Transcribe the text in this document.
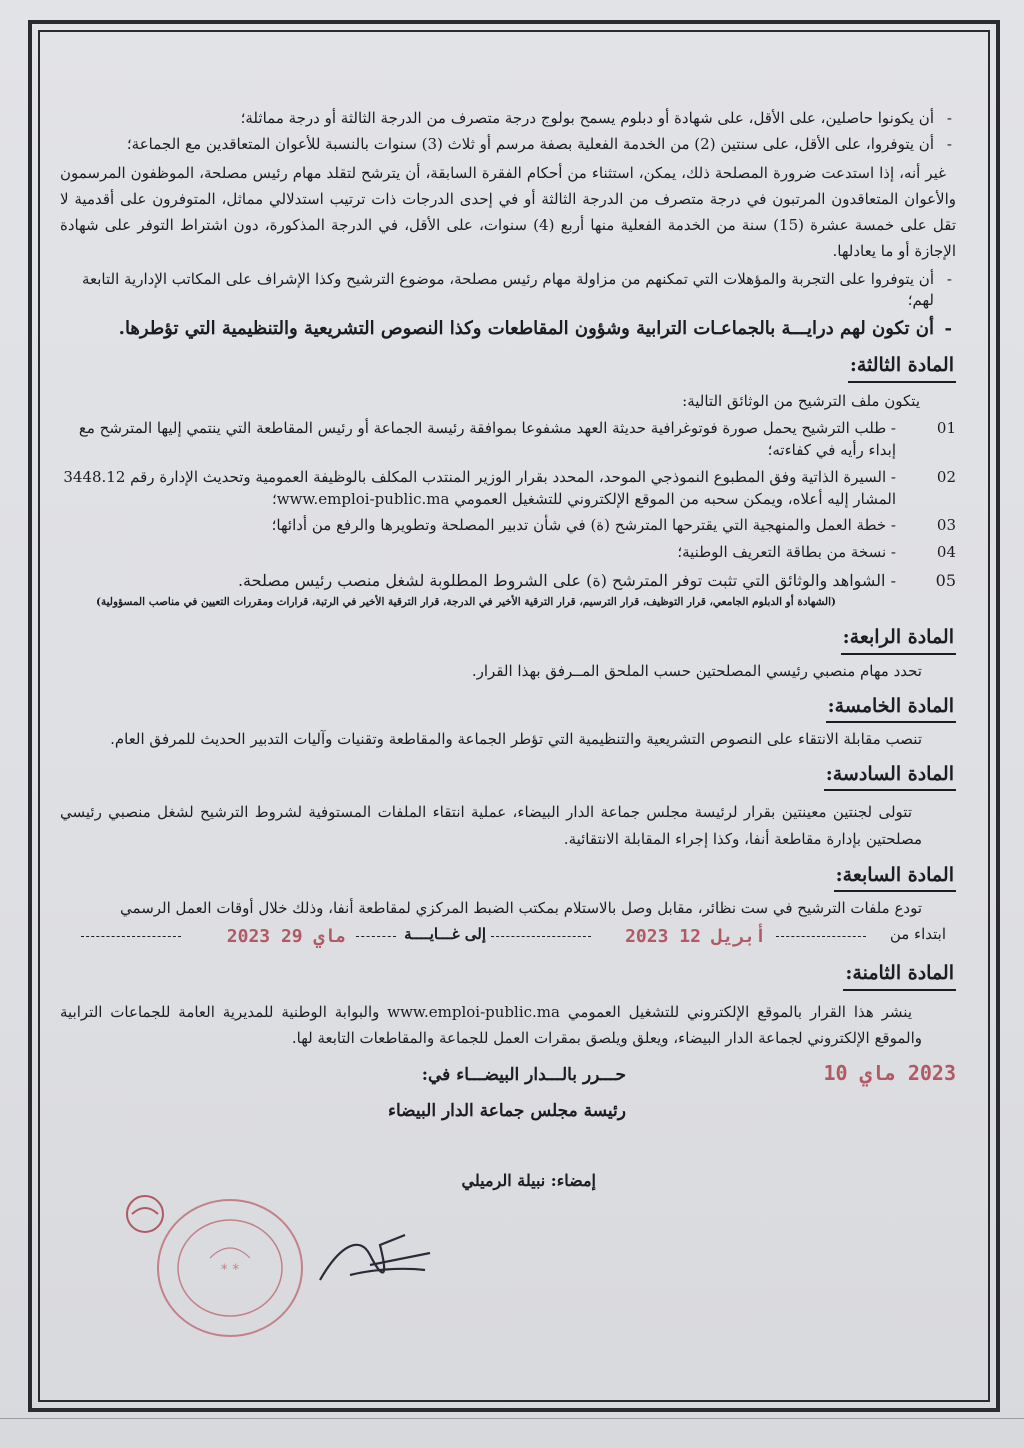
- أن يكونوا حاصلين، على الأقل، على شهادة أو دبلوم يسمح بولوج درجة متصرف من الدرجة الثالثة أو درجة مماثلة؛
- أن يتوفروا، على الأقل، على سنتين (2) من الخدمة الفعلية بصفة مرسم أو ثلاث (3) سنوات بالنسبة للأعوان المتعاقدين مع الجماعة؛
غير أنه، إذا استدعت ضرورة المصلحة ذلك، يمكن، استثناء من أحكام الفقرة السابقة، أن يترشح لتقلد مهام رئيس مصلحة، الموظفون المرسمون والأعوان المتعاقدون المرتبون في درجة متصرف من الدرجة الثالثة أو في إحدى الدرجات ذات ترتيب استدلالي مماثل، المتوفرون على أقدمية لا تقل على خمسة عشرة (15) سنة من الخدمة الفعلية منها أربع (4) سنوات، على الأقل، في الدرجة المذكورة، دون اشتراط التوفر على شهادة الإجازة أو ما يعادلها.
- أن يتوفروا على التجربة والمؤهلات التي تمكنهم من مزاولة مهام رئيس مصلحة، موضوع الترشيح وكذا الإشراف على المكاتب الإدارية التابعة لهم؛
- أن تكون لهم درايـــة بالجماعـات الترابية وشؤون المقاطعات وكذا النصوص التشريعية والتنظيمية التي تؤطرها.
المادة الثالثة:
يتكون ملف الترشيح من الوثائق التالية:
01
- طلب الترشيح يحمل صورة فوتوغرافية حديثة العهد مشفوعا بموافقة رئيسة الجماعة أو رئيس المقاطعة التي ينتمي إليها المترشح مع إبداء رأيه في كفاءته؛
02
- السيرة الذاتية وفق المطبوع النموذجي الموحد، المحدد بقرار الوزير المنتدب المكلف بالوظيفة العمومية وتحديث الإدارة رقم 3448.12 المشار إليه أعلاه، ويمكن سحبه من الموقع الإلكتروني للتشغيل العمومي www.emploi-public.ma؛
03
- خطة العمل والمنهجية التي يقترحها المترشح (ة) في شأن تدبير المصلحة وتطويرها والرفع من أدائها؛
04
- نسخة من بطاقة التعريف الوطنية؛
05
- الشواهد والوثائق التي تثبت توفر المترشح (ة) على الشروط المطلوبة لشغل منصب رئيس مصلحة.
(الشهادة أو الدبلوم الجامعي، قرار التوظيف، قرار الترسيم، قرار الترقية الأخير في الدرجة، قرار الترقية الأخير في الرتبة، قرارات ومقررات التعيين في مناصب المسؤولية)
المادة الرابعة:
تحدد مهام منصبي رئيسي المصلحتين حسب الملحق المــرفق بهذا القرار.
المادة الخامسة:
تنصب مقابلة الانتقاء على النصوص التشريعية والتنظيمية التي تؤطر الجماعة والمقاطعة وتقنيات وآليات التدبير الحديث للمرفق العام.
المادة السادسة:
تتولى لجنتين معينتين بقرار لرئيسة مجلس جماعة الدار البيضاء، عملية انتقاء الملفات المستوفية لشروط الترشيح لشغل منصبي رئيسي مصلحتين بإدارة مقاطعة أنفا، وكذا إجراء المقابلة الانتقائية.
المادة السابعة:
تودع ملفات الترشيح في ست نظائر، مقابل وصل بالاستلام بمكتب الضبط المركزي لمقاطعة أنفا، وذلك خلال أوقات العمل الرسمي
ابتداء من
2023 أبريل 12
إلى غـــايــــة
2023 ماي 29
المادة الثامنة:
ينشر هذا القرار بالموقع الإلكتروني للتشغيل العمومي www.emploi-public.ma والبوابة الوطنية للمديرية العامة للجماعات الترابية والموقع الإلكتروني لجماعة الدار البيضاء، ويعلق ويلصق بمقرات العمل للجماعة والمقاطعات التابعة لها.
حـــرر بالـــدار البيضـــاء في:	2023 ماي 10
رئيسة مجلس جماعة الدار البيضاء
إمضاء: نبيلة الرميلي
* *
